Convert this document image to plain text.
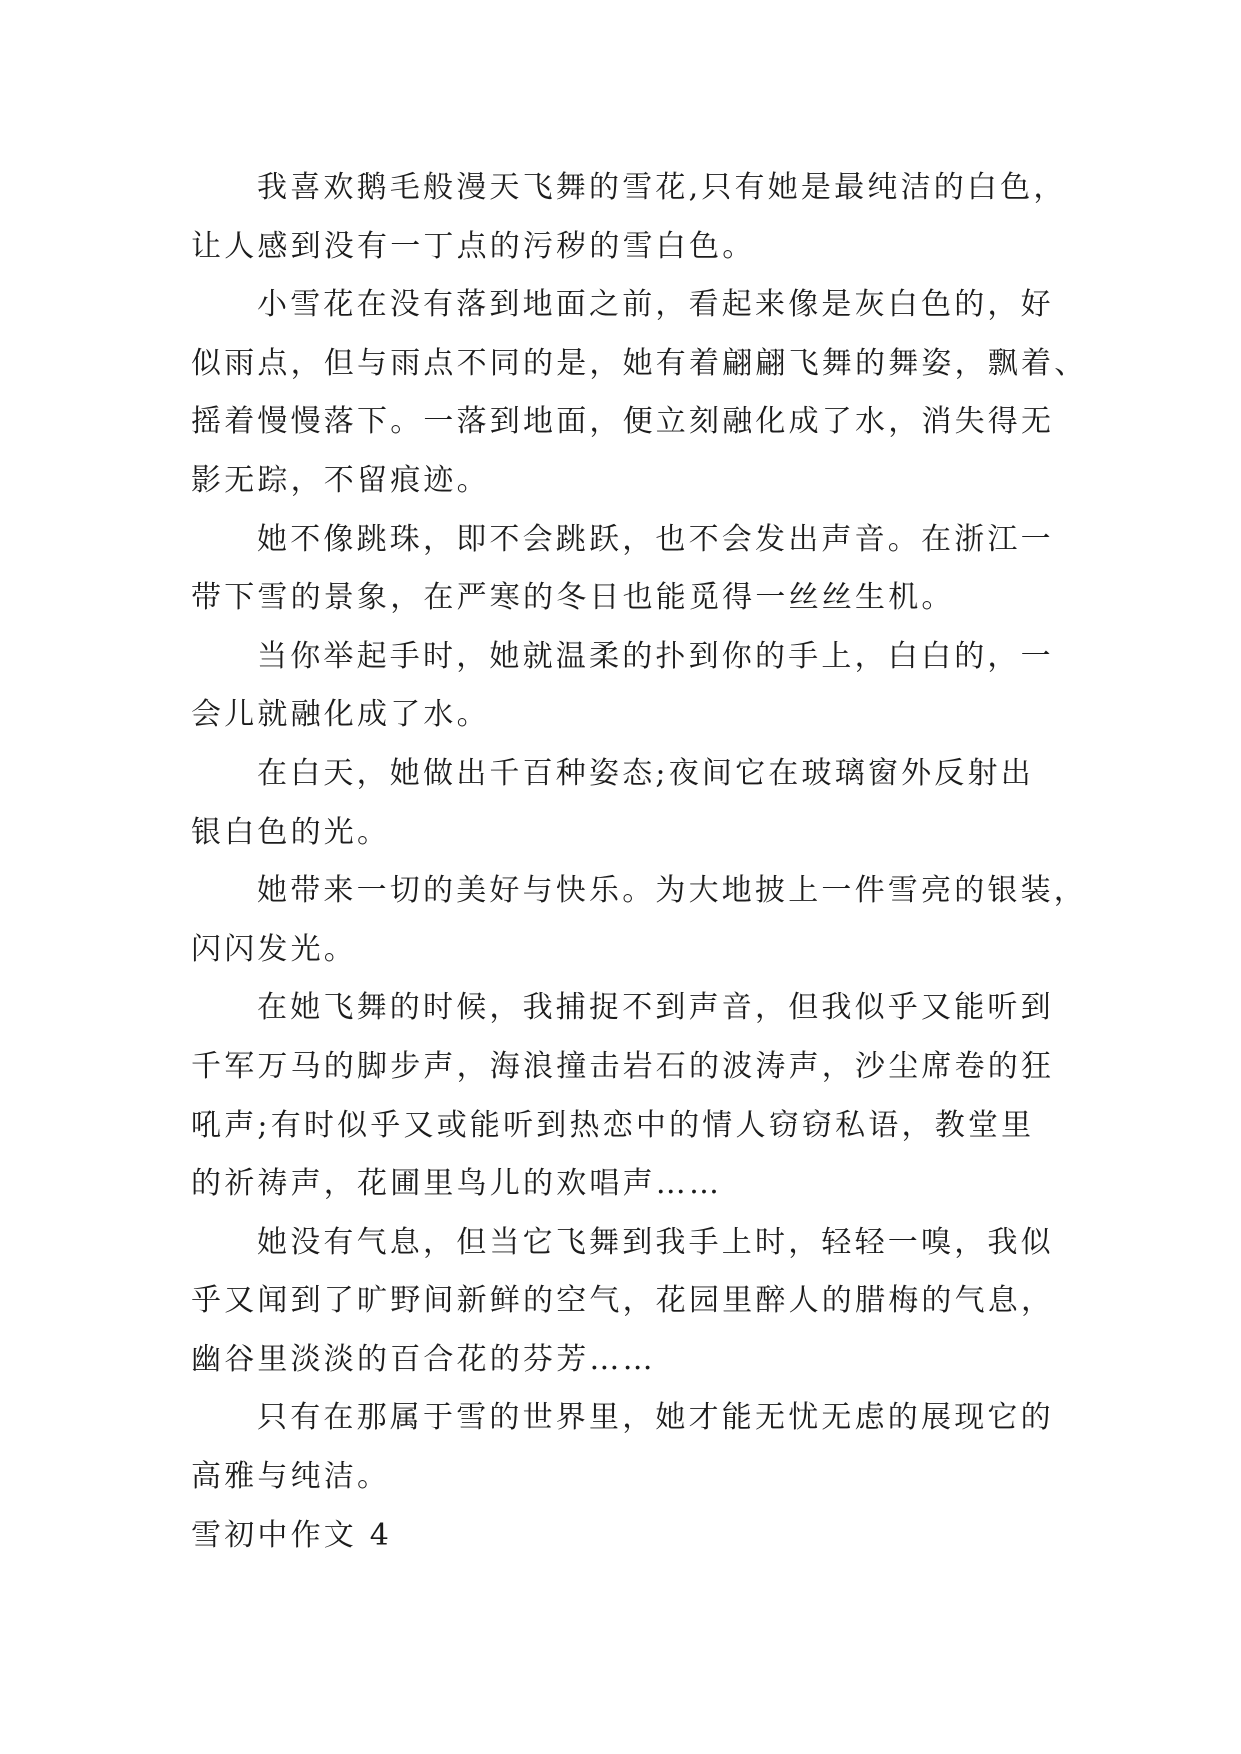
我喜欢鹅毛般漫天飞舞的雪花,只有她是最纯洁的白色，
让人感到没有一丁点的污秽的雪白色。
小雪花在没有落到地面之前，看起来像是灰白色的，好
似雨点，但与雨点不同的是，她有着翩翩飞舞的舞姿，飘着、
摇着慢慢落下。一落到地面，便立刻融化成了水，消失得无
影无踪，不留痕迹。
她不像跳珠，即不会跳跃，也不会发出声音。在浙江一
带下雪的景象，在严寒的冬日也能觅得一丝丝生机。
当你举起手时，她就温柔的扑到你的手上，白白的，一
会儿就融化成了水。
在白天，她做出千百种姿态;夜间它在玻璃窗外反射出
银白色的光。
她带来一切的美好与快乐。为大地披上一件雪亮的银装，
闪闪发光。
在她飞舞的时候，我捕捉不到声音，但我似乎又能听到
千军万马的脚步声，海浪撞击岩石的波涛声，沙尘席卷的狂
吼声;有时似乎又或能听到热恋中的情人窃窃私语，教堂里
的祈祷声，花圃里鸟儿的欢唱声……
她没有气息，但当它飞舞到我手上时，轻轻一嗅，我似
乎又闻到了旷野间新鲜的空气，花园里醉人的腊梅的气息，
幽谷里淡淡的百合花的芬芳……
只有在那属于雪的世界里，她才能无忧无虑的展现它的
高雅与纯洁。
雪初中作文 4
